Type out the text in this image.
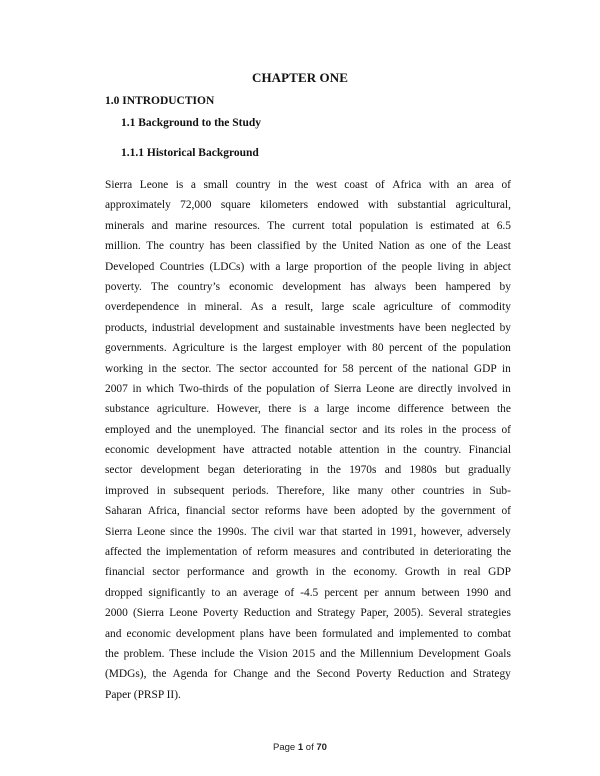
CHAPTER ONE
1.0 INTRODUCTION
1.1 Background to the Study
1.1.1 Historical Background
Sierra Leone is a small country in the west coast of Africa with an area of
approximately 72,000 square kilometers endowed with substantial agricultural,
minerals and marine resources. The current total population is estimated at 6.5
million. The country has been classified by the United Nation as one of the Least
Developed Countries (LDCs) with a large proportion of the people living in abject
poverty. The country’s economic development has always been hampered by
overdependence in mineral. As a result, large scale agriculture of commodity
products, industrial development and sustainable investments have been neglected by
governments. Agriculture is the largest employer with 80 percent of the population
working in the sector. The sector accounted for 58 percent of the national GDP in
2007 in which Two-thirds of the population of Sierra Leone are directly involved in
substance agriculture. However, there is a large income difference between the
employed and the unemployed. The financial sector and its roles in the process of
economic development have attracted notable attention in the country. Financial
sector development began deteriorating in the 1970s and 1980s but gradually
improved in subsequent periods. Therefore, like many other countries in Sub-
Saharan Africa, financial sector reforms have been adopted by the government of
Sierra Leone since the 1990s. The civil war that started in 1991, however, adversely
affected the implementation of reform measures and contributed in deteriorating the
financial sector performance and growth in the economy. Growth in real GDP
dropped significantly to an average of -4.5 percent per annum between 1990 and
2000 (Sierra Leone Poverty Reduction and Strategy Paper, 2005). Several strategies
and economic development plans have been formulated and implemented to combat
the problem. These include the Vision 2015 and the Millennium Development Goals
(MDGs), the Agenda for Change and the Second Poverty Reduction and Strategy
Paper (PRSP II).
Page 1 of 70
